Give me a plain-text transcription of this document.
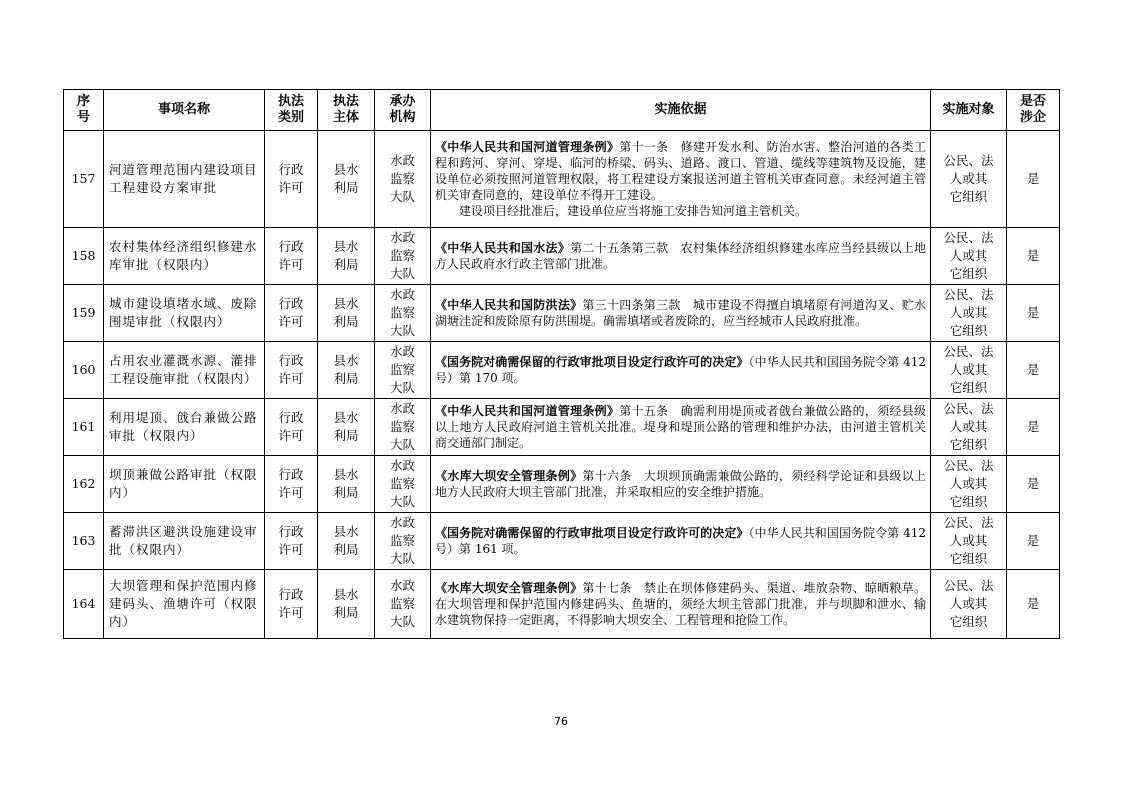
序
号	事项名称	执法
类别	执法
主体	承办
机构	实施依据	实施对象	是否
涉企
157	河道管理范围内建设项目工程建设方案审批	行政
许可	县水
利局	水政
监察
大队	《中华人民共和国河道管理条例》第十一条　修建开发水利、防治水害、整治河道的各类工程和跨河、穿河、穿堤、临河的桥梁、码头、道路、渡口、管道、缆线等建筑物及设施，建设单位必须按照河道管理权限，将工程建设方案报送河道主管机关审查同意。未经河道主管机关审查同意的，建设单位不得开工建设。
建设项目经批准后，建设单位应当将施工安排告知河道主管机关。	公民、法
人或其
它组织	是
158	农村集体经济组织修建水库审批（权限内）	行政
许可	县水
利局	水政
监察
大队	《中华人民共和国水法》第二十五条第三款　农村集体经济组织修建水库应当经县级以上地方人民政府水行政主管部门批准。	公民、法
人或其
它组织	是
159	城市建设填堵水域、废除围堤审批（权限内）	行政
许可	县水
利局	水政
监察
大队	《中华人民共和国防洪法》第三十四条第三款　城市建设不得擅自填堵原有河道沟叉、贮水湖塘洼淀和废除原有防洪围堤。确需填堵或者废除的，应当经城市人民政府批准。	公民、法
人或其
它组织	是
160	占用农业灌溉水源、灌排工程设施审批（权限内）	行政
许可	县水
利局	水政
监察
大队	《国务院对确需保留的行政审批项目设定行政许可的决定》（中华人民共和国国务院令第 412 号）第 170 项。	公民、法
人或其
它组织	是
161	利用堤顶、戗台兼做公路审批（权限内）	行政
许可	县水
利局	水政
监察
大队	《中华人民共和国河道管理条例》第十五条　确需利用堤顶或者戗台兼做公路的，须经县级以上地方人民政府河道主管机关批准。堤身和堤顶公路的管理和维护办法，由河道主管机关商交通部门制定。	公民、法
人或其
它组织	是
162	坝顶兼做公路审批（权限内）	行政
许可	县水
利局	水政
监察
大队	《水库大坝安全管理条例》第十六条　大坝坝顶确需兼做公路的，须经科学论证和县级以上地方人民政府大坝主管部门批准，并采取相应的安全维护措施。	公民、法
人或其
它组织	是
163	蓄滞洪区避洪设施建设审批（权限内）	行政
许可	县水
利局	水政
监察
大队	《国务院对确需保留的行政审批项目设定行政许可的决定》（中华人民共和国国务院令第 412 号）第 161 项。	公民、法
人或其
它组织	是
164	大坝管理和保护范围内修建码头、渔塘许可（权限内）	行政
许可	县水
利局	水政
监察
大队	《水库大坝安全管理条例》第十七条　禁止在坝体修建码头、渠道、堆放杂物、晾晒粮草。在大坝管理和保护范围内修建码头、鱼塘的，须经大坝主管部门批准，并与坝脚和泄水、输水建筑物保持一定距离，不得影响大坝安全、工程管理和抢险工作。	公民、法
人或其
它组织	是
76
